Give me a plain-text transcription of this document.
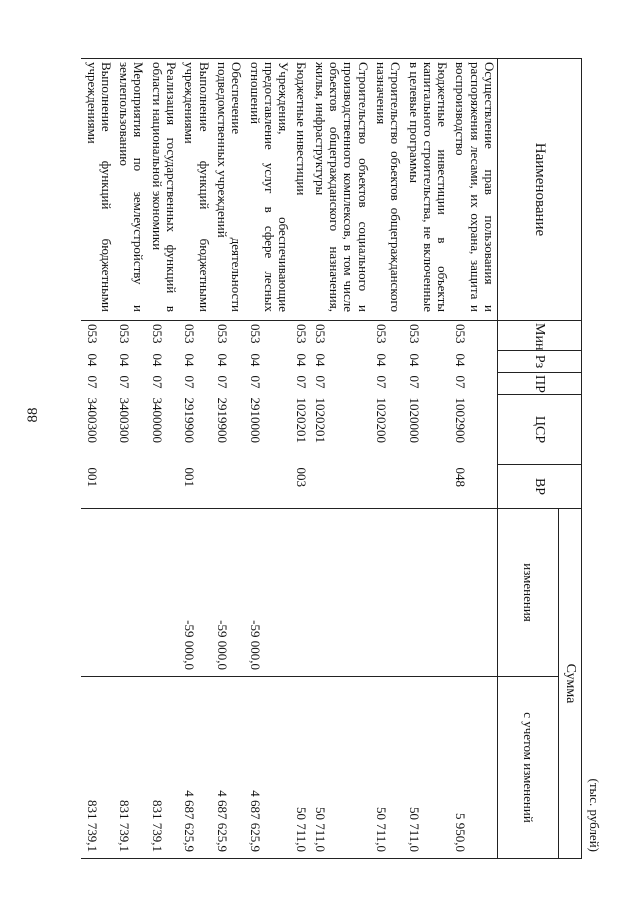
88
(тыс. рублей)
Наименование	Мин	Рз	ПР	ЦСР	ВР	Сумма	
						изменения	с учетом изменений
Осуществление прав пользования и распоряжения лесами, их охрана, защита и воспроизводство	053	04	07	1002900	048		5 950,0
Бюджетные инвестиции в объекты капитального строительства, не включенные в целевые программы	053	04	07	1020000			50 711,0
Строительство объектов общегражданского назначения	053	04	07	1020200			50 711,0
Строительство объектов социального и производственного комплексов, в том числе объектов общегражданского назначения, жилья, инфраструктуры	053	04	07	1020201			50 711,0
Бюджетные инвестиции	053	04	07	1020201	003		50 711,0
Учреждения, обеспечивающие предоставление услуг в сфере лесных отношений	053	04	07	2910000		-59 000,0	4 687 625,9
Обеспечение деятельности подведомственных учреждений	053	04	07	2919900		-59 000,0	4 687 625,9
Выполнение функций бюджетными учреждениями	053	04	07	2919900	001	-59 000,0	4 687 625,9
Реализация государственных функций в области национальной экономики	053	04	07	3400000			831 739,1
Мероприятия по землеустройству и землепользованию	053	04	07	3400300			831 739,1
Выполнение функций бюджетными учреждениями	053	04	07	3400300	001		831 739,1
